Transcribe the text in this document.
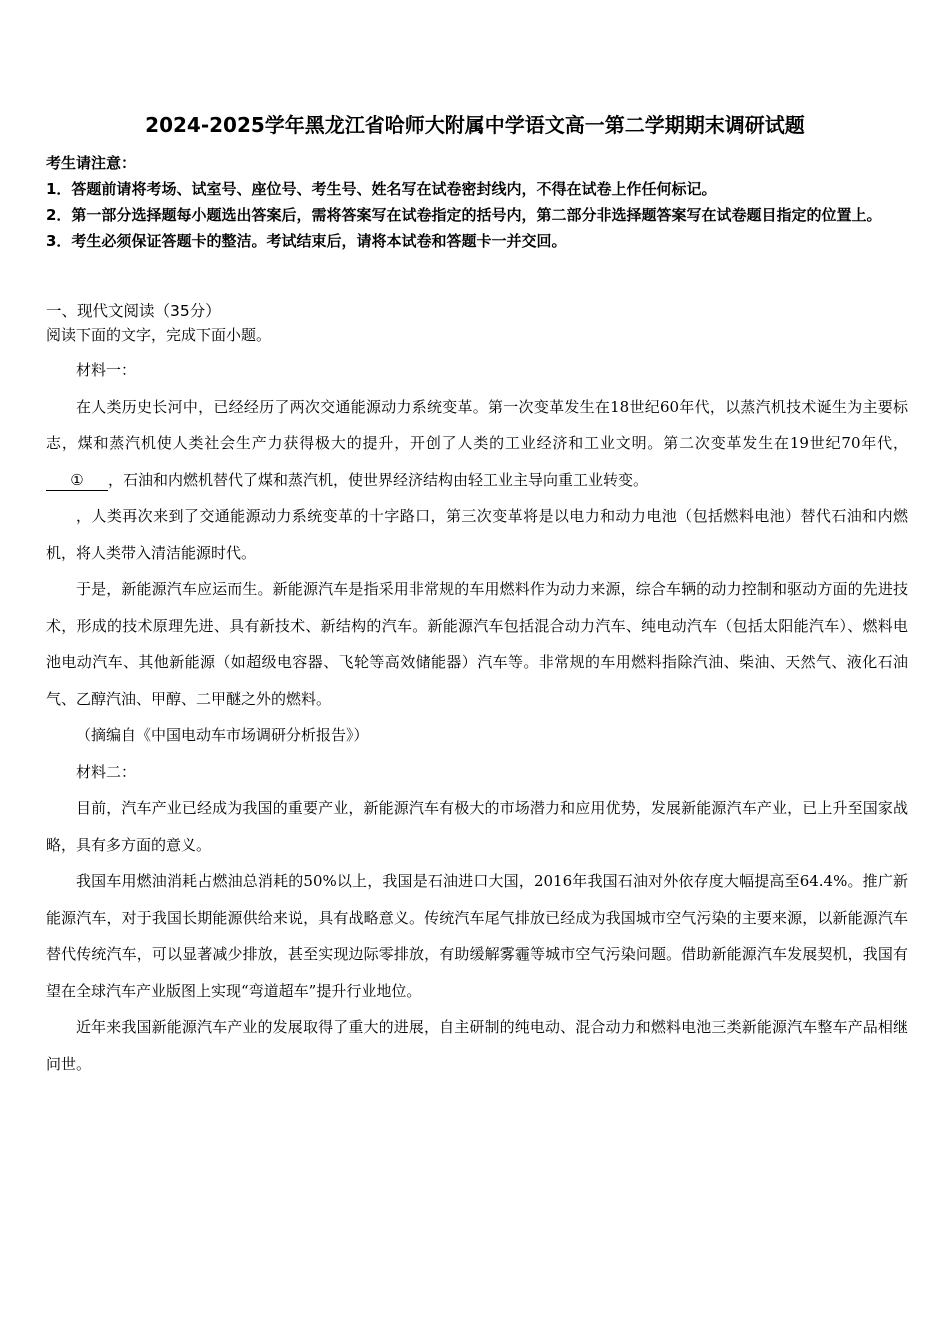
2024-2025学年黑龙江省哈师大附属中学语文高一第二学期期末调研试题

考生请注意：

1．答题前请将考场、试室号、座位号、考生号、姓名写在试卷密封线内，不得在试卷上作任何标记。

2．第一部分选择题每小题选出答案后，需将答案写在试卷指定的括号内，第二部分非选择题答案写在试卷题目指定的位置上。

3．考生必须保证答题卡的整洁。考试结束后，请将本试卷和答题卡一并交回。

一、现代文阅读（35分）
阅读下面的文字，完成下面小题。

材料一：

在人类历史长河中，已经经历了两次交通能源动力系统变革。第一次变革发生在18世纪60年代，以蒸汽机技术诞生为主要标志，煤和蒸汽机使人类社会生产力获得极大的提升，开创了人类的工业经济和工业文明。第二次变革发生在19世纪70年代，① ，石油和内燃机替代了煤和蒸汽机，使世界经济结构由轻工业主导向重工业转变。

，人类再次来到了交通能源动力系统变革的十字路口，第三次变革将是以电力和动力电池（包括燃料电池）替代石油和内燃机，将人类带入清洁能源时代。

于是，新能源汽车应运而生。新能源汽车是指采用非常规的车用燃料作为动力来源，综合车辆的动力控制和驱动方面的先进技术，形成的技术原理先进、具有新技术、新结构的汽车。新能源汽车包括混合动力汽车、纯电动汽车（包括太阳能汽车）、燃料电池电动汽车、其他新能源（如超级电容器、飞轮等高效储能器）汽车等。非常规的车用燃料指除汽油、柴油、天然气、液化石油气、乙醇汽油、甲醇、二甲醚之外的燃料。

（摘编自《中国电动车市场调研分析报告》）

材料二：

目前，汽车产业已经成为我国的重要产业，新能源汽车有极大的市场潜力和应用优势，发展新能源汽车产业，已上升至国家战略，具有多方面的意义。

我国车用燃油消耗占燃油总消耗的50%以上，我国是石油进口大国，2016年我国石油对外依存度大幅提高至64.4%。推广新能源汽车，对于我国长期能源供给来说，具有战略意义。传统汽车尾气排放已经成为我国城市空气污染的主要来源，以新能源汽车替代传统汽车，可以显著减少排放，甚至实现边际零排放，有助缓解雾霾等城市空气污染问题。借助新能源汽车发展契机，我国有望在全球汽车产业版图上实现“弯道超车”提升行业地位。

近年来我国新能源汽车产业的发展取得了重大的进展，自主研制的纯电动、混合动力和燃料电池三类新能源汽车整车产品相继问世。
